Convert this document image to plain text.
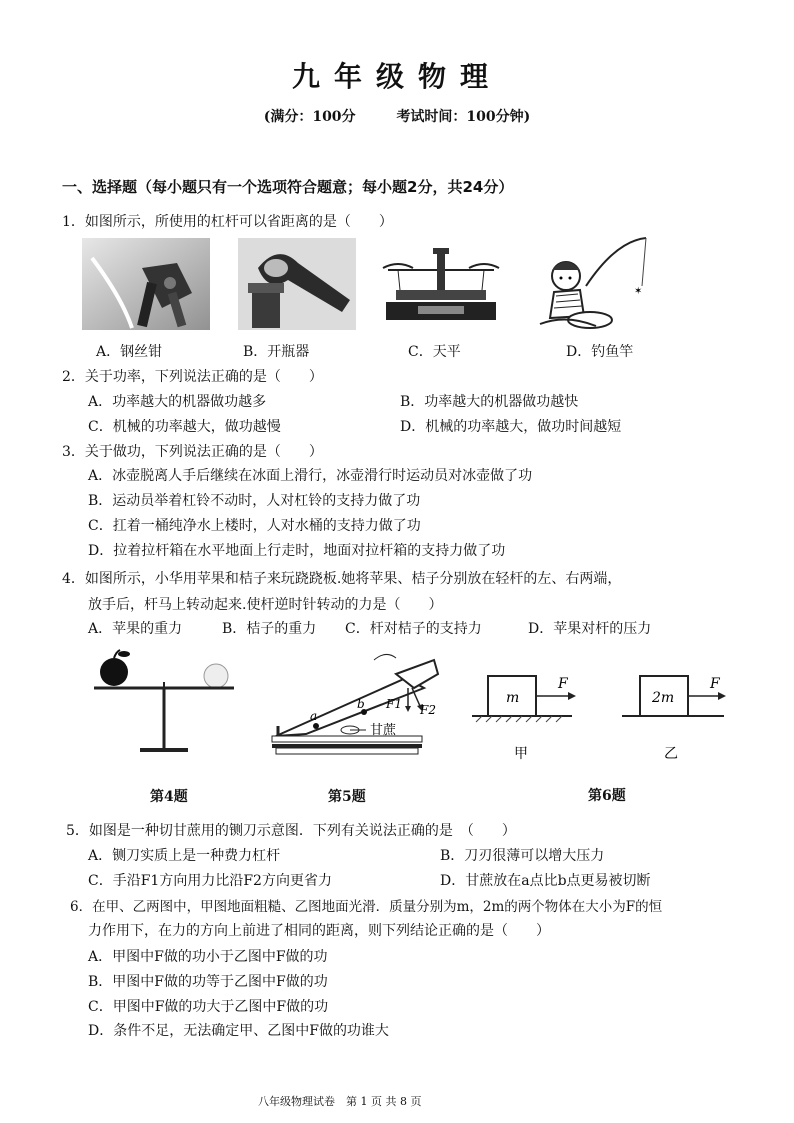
九年级物理
(满分：100分	考试时间：100分钟)
一、选择题（每小题只有一个选项符合题意；每小题2分，共24分）
1．如图所示，所使用的杠杆可以省距离的是（　　）
✶
A．钢丝钳	B．开瓶器	C．天平	D．钓鱼竿
2．关于功率，下列说法正确的是（　　）
A．功率越大的机器做功越多	B．功率越大的机器做功越快
C．机械的功率越大，做功越慢	D．机械的功率越大，做功时间越短
3．关于做功，下列说法正确的是（　　）
A．冰壶脱离人手后继续在冰面上滑行，冰壶滑行时运动员对冰壶做了功
B．运动员举着杠铃不动时，人对杠铃的支持力做了功
C．扛着一桶纯净水上楼时，人对水桶的支持力做了功
D．拉着拉杆箱在水平地面上行走时，地面对拉杆箱的支持力做了功
4．如图所示，小华用苹果和桔子来玩跷跷板.她将苹果、桔子分别放在轻杆的左、右两端，
放手后，杆马上转动起来.使杆逆时针转动的力是（　　）
A．苹果的重力	B．桔子的重力 C．杆对桔子的支持力	D．苹果对杆的压力
a
b F1 F2
甘蔗
m	2m
F	F
甲	乙
第4题	第5题	第6题
5．如图是一种切甘蔗用的铡刀示意图．下列有关说法正确的是　（　　）
A．铡刀实质上是一种费力杠杆	B．刀刃很薄可以增大压力
C．手沿F1方向用力比沿F2方向更省力	D．甘蔗放在a点比b点更易被切断
6．在甲、乙两图中，甲图地面粗糙、乙图地面光滑．质量分别为m，2m的两个物体在大小为F的恒
力作用下，在力的方向上前进了相同的距离，则下列结论正确的是（　　）
A．甲图中F做的功小于乙图中F做的功
B．甲图中F做的功等于乙图中F做的功
C．甲图中F做的功大于乙图中F做的功
D．条件不足，无法确定甲、乙图中F做的功谁大
八年级物理试卷　第 1 页 共 8 页
